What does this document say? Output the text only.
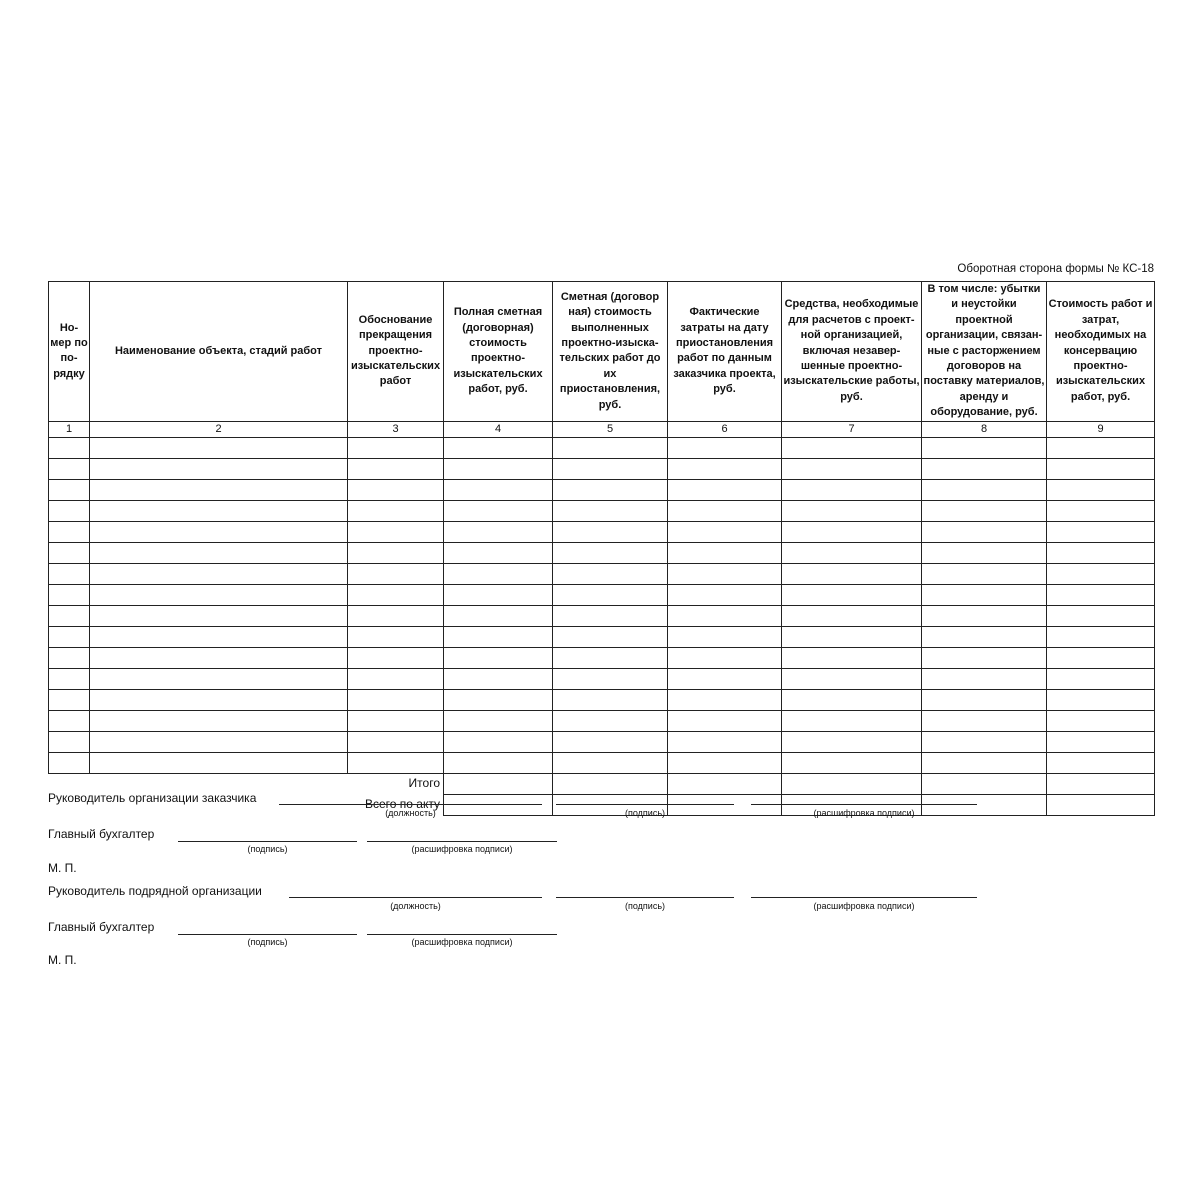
Оборотная сторона формы № КС-18
Но-мер по по-рядку	Наименование объекта, стадий работ	Обоснование прекращения проектно-изыскательских работ	Полная сметная (договорная) стоимость проектно-изыскательских работ, руб.	Сметная (договор ная) стоимость выполненных проектно-изыска-тельских работ до их приостановления, руб.	Фактические затраты на дату приостановления работ по данным заказчика проекта, руб.	Средства, необходимые для расчетов с проект-ной организацией, включая незавер-шенные проектно-изыскательские работы, руб.	В том числе: убытки и неустойки проектной организации, связан-ные с расторжением договоров на поставку материалов, аренду и оборудование, руб.	Стоимость работ и затрат, необходимых на консервацию проектно-изыскательских работ, руб.
1	2	3	4	5	6	7	8	9

		Итого						
		Всего по акту						
Руководитель организации заказчика
(должность)	(подпись)	(расшифровка подписи)
Главный бухгалтер
(подпись)	(расшифровка подписи)
М. П.
Руководитель подрядной организации
(должность)	(подпись)	(расшифровка подписи)
Главный бухгалтер
(подпись)	(расшифровка подписи)
М. П.
